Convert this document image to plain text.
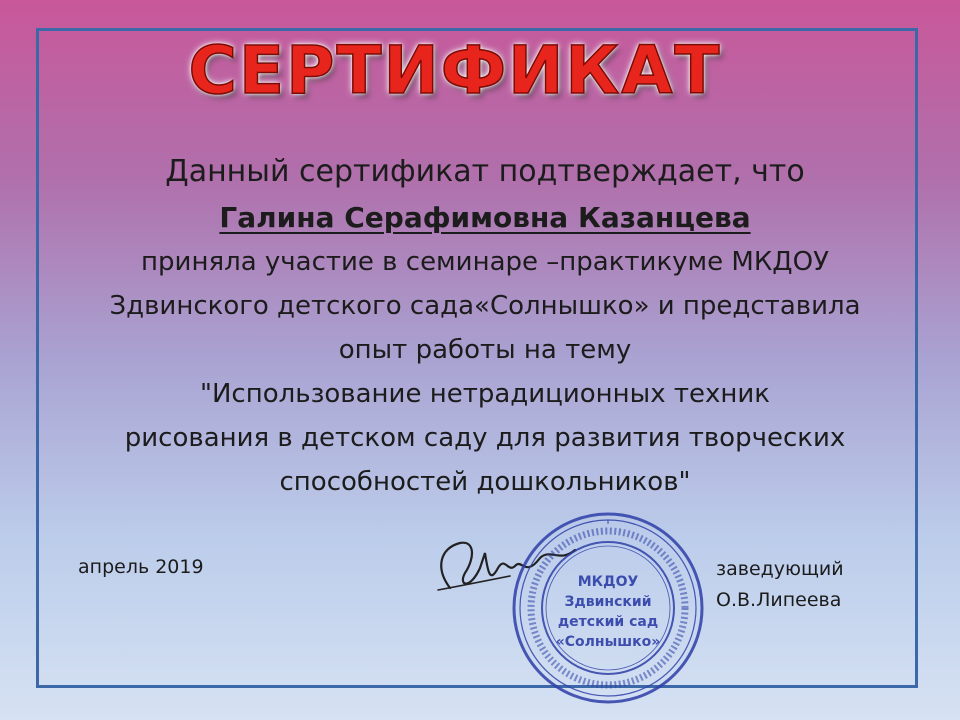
СЕРТИФИКАТ
Данный сертификат подтверждает, что
Галина Серафимовна Казанцева
приняла участие в семинаре –практикуме МКДОУ
Здвинского детского сада«Солнышко» и представила
опыт работы на тему
"Использование нетрадиционных техник
рисования в детском саду для развития творческих
способностей дошкольников"
апрель 2019	заведующий
О.В.Липеева
МКДОУ
Здвинский
детский сад
«Солнышко»
